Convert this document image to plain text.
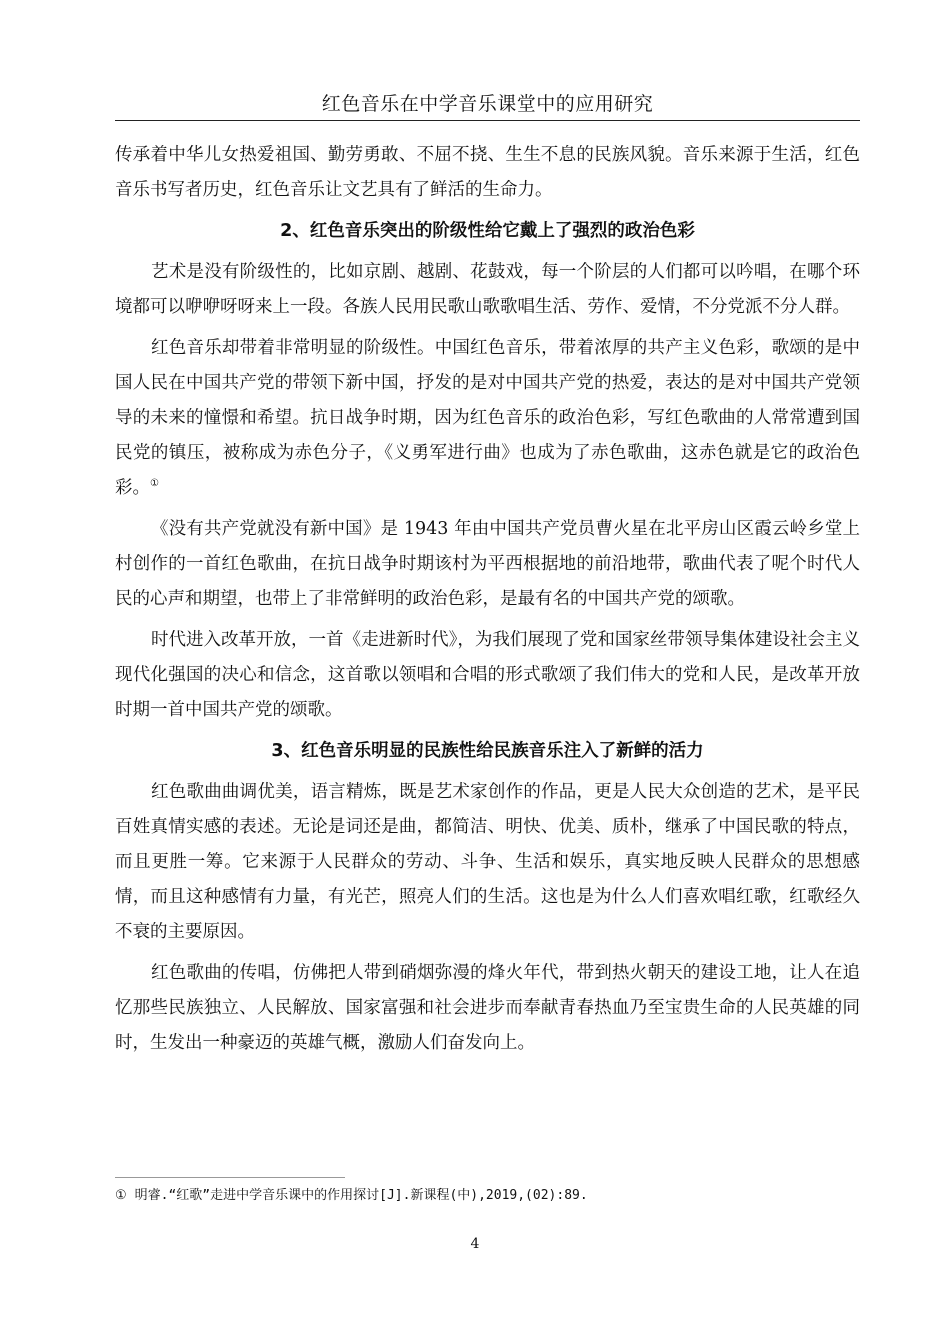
红色音乐在中学音乐课堂中的应用研究

传承着中华儿女热爱祖国、勤劳勇敢、不屈不挠、生生不息的民族风貌。音乐来源于生活，红色音乐书写者历史，红色音乐让文艺具有了鲜活的生命力。

2、红色音乐突出的阶级性给它戴上了强烈的政治色彩

艺术是没有阶级性的，比如京剧、越剧、花鼓戏，每一个阶层的人们都可以吟唱，在哪个环境都可以咿咿呀呀来上一段。各族人民用民歌山歌歌唱生活、劳作、爱情，不分党派不分人群。

红色音乐却带着非常明显的阶级性。中国红色音乐，带着浓厚的共产主义色彩，歌颂的是中国人民在中国共产党的带领下新中国，抒发的是对中国共产党的热爱，表达的是对中国共产党领导的未来的憧憬和希望。抗日战争时期，因为红色音乐的政治色彩，写红色歌曲的人常常遭到国民党的镇压，被称成为赤色分子，《义勇军进行曲》也成为了赤色歌曲，这赤色就是它的政治色彩。①

《没有共产党就没有新中国》是 1943 年由中国共产党员曹火星在北平房山区霞云岭乡堂上村创作的一首红色歌曲，在抗日战争时期该村为平西根据地的前沿地带，歌曲代表了呢个时代人民的心声和期望，也带上了非常鲜明的政治色彩，是最有名的中国共产党的颂歌。

时代进入改革开放，一首《走进新时代》，为我们展现了党和国家丝带领导集体建设社会主义现代化强国的决心和信念，这首歌以领唱和合唱的形式歌颂了我们伟大的党和人民，是改革开放时期一首中国共产党的颂歌。

3、红色音乐明显的民族性给民族音乐注入了新鲜的活力

红色歌曲曲调优美，语言精炼，既是艺术家创作的作品，更是人民大众创造的艺术，是平民百姓真情实感的表述。无论是词还是曲，都简洁、明快、优美、质朴，继承了中国民歌的特点，而且更胜一筹。它来源于人民群众的劳动、斗争、生活和娱乐，真实地反映人民群众的思想感情，而且这种感情有力量，有光芒，照亮人们的生活。这也是为什么人们喜欢唱红歌，红歌经久不衰的主要原因。

红色歌曲的传唱，仿佛把人带到硝烟弥漫的烽火年代，带到热火朝天的建设工地，让人在追忆那些民族独立、人民解放、国家富强和社会进步而奉献青春热血乃至宝贵生命的人民英雄的同时，生发出一种豪迈的英雄气概，激励人们奋发向上。

① 明睿.“红歌”走进中学音乐课中的作用探讨[J].新课程(中),2019,(02):89.
4
